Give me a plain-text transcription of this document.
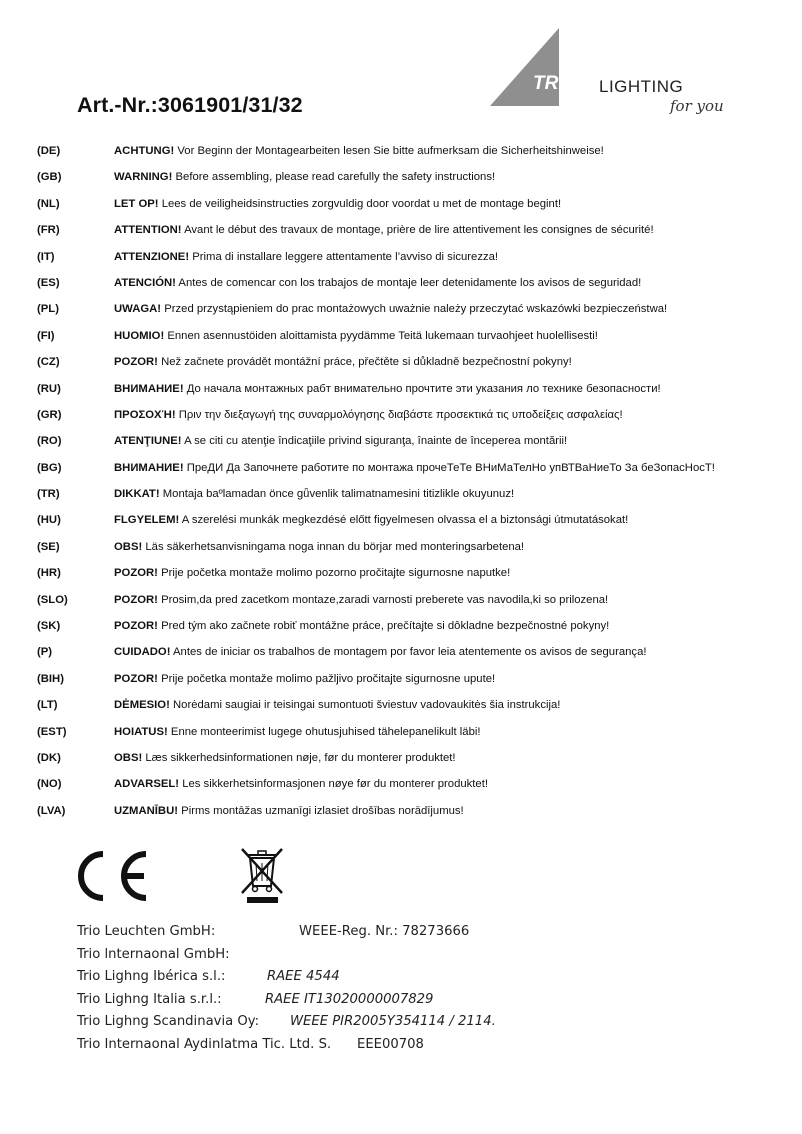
Art.-Nr.:3061901/31/32
TRIO LIGHTING
for you
(DE)	ACHTUNG! Vor Beginn der Montagearbeiten lesen Sie bitte aufmerksam die Sicherheitshinweise!
(GB)	WARNING! Before assembling, please read carefully the safety instructions!
(NL)	LET OP! Lees de veiligheidsinstructies zorgvuldig door voordat u met de montage begint!
(FR)	ATTENTION! Avant le début des travaux de montage, prière de lire attentivement les consignes de sécurité!
(IT)	ATTENZIONE! Prima di installare leggere attentamente l’avviso di sicurezza!
(ES)	ATENCIÓN! Antes de comencar con los trabajos de montaje leer detenidamente los avisos de seguridad!
(PL)	UWAGA! Przed przystąpieniem do prac montażowych uważnie należy przeczytać wskazówki bezpieczeństwa!
(FI)	HUOMIO! Ennen asennustöiden aloittamista pyydämme Teitä lukemaan turvaohjeet huolellisesti!
(CZ)	POZOR! Než začnete provádět montážní práce, přečtěte si důkladně bezpečnostní pokyny!
(RU)	ВНИМАНИЕ! До начала монтажных рабт внимательно прочтите эти указания ло технике безопасности!
(GR)	ΠΡΟΣΟΧΉ! Πριν την διεξαγωγή της συναρμολόγησης διαβάστε προσεκτικά τις υποδείξεις ασφαλείας!
(RO)	ATENŢIUNE! A se citi cu atenţie îndicaţiile privind siguranţa, înainte de începerea montării!
(BG)	ВНИМАНИЕ! ПреДИ Да Започнете работите по монтажа прочеТеТе ВНиМаТелНо упВТВаНиеТо За беЗопасНосТ!
(TR)	DIKKAT! Montaja baºlamadan önce gǖvenlik talimatnamesini titizlikle okuyunuz!
(HU)	FLGYELEM! A szerelési munkák megkezdésé előtt figyelmesen olvassa el a biztonsági útmutatásokat!
(SE)	OBS! Läs säkerhetsanvisningama noga innan du börjar med monteringsarbetena!
(HR)	POZOR! Prije početka montaže molimo pozorno pročitajte sigurnosne naputke!
(SLO)	POZOR! Prosim,da pred zacetkom montaze,zaradi varnosti preberete vas navodila,ki so prilozena!
(SK)	POZOR! Pred tým ako začnete robiť montážne práce, prečítajte si dôkladne bezpečnostné pokyny!
(P)	CUIDADO! Antes de iniciar os trabalhos de montagem por favor leia atentemente os avisos de segurança!
(BIH)	POZOR! Prije početka montaže molimo pažljivo pročitajte sigurnosne upute!
(LT)	DĖMESIO! Norėdami saugiai ir teisingai sumontuoti šviestuv vadovaukitės šia instrukcija!
(EST)	HOIATUS! Enne monteerimist lugege ohutusjuhised tähelepanelikult läbi!
(DK)	OBS! Læs sikkerhedsinformationen nøje, før du monterer produktet!
(NO)	ADVARSEL! Les sikkerhetsinformasjonen nøye før du monterer produktet!
(LVA)	UZMANĪBU! Pirms montāžas uzmanīgi izlasiet drošības norādījumus!
Trio Leuchten GmbH:	WEEE-Reg. Nr.: 78273666
Trio lnternaonal GmbH:
Trio Lighng Ibérica s.l.:	RAEE 4544
Trio Lighng Italia s.r.l.:	RAEE IT13020000007829
Trio Lighng Scandinavia Oy: WEEE PIR2005Y354114 / 2114.
Trio Internaonal Aydinlatma Tic. Ltd. S. EEE00708
